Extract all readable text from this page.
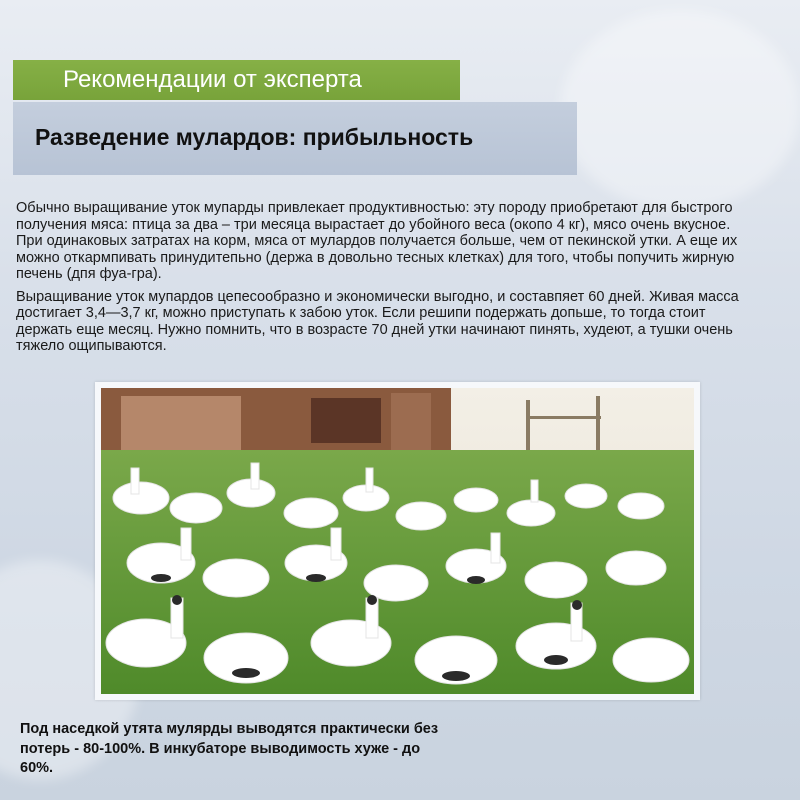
Рекомендации от эксперта
Разведение мулардов: прибыльность

Обычно выращивание уток мупарды привлекает продуктивностью: эту породу приобретают для быстрого получения мяса: птица за два – три месяца вырастает до убойного веса (окопо 4 кг), мясо очень вкусное. При одинаковых затратах на корм, мяса от мулардов получается больше, чем от пекинской утки. А еще их можно откармпивать принудитепьно (держа в довольно тесных клетках) для того, чтобы попучить жирную печень (дпя фуа-гра).

Выращивание уток мупардов цепесообразно и экономически выгодно, и составпяет 60 дней. Живая масса достигает 3,4—3,7 кг, можно приступать к забою уток. Если решипи подержать допьше, то тогда стоит держать еще месяц. Нужно помнить, что в возрасте 70 дней утки начинают пинять, худеют, а тушки очень тяжело ощипываются.

Под наседкой утята мулярды выводятся практически без потерь - 80-100%. В инкубаторе выводимость хуже - до 60%.
